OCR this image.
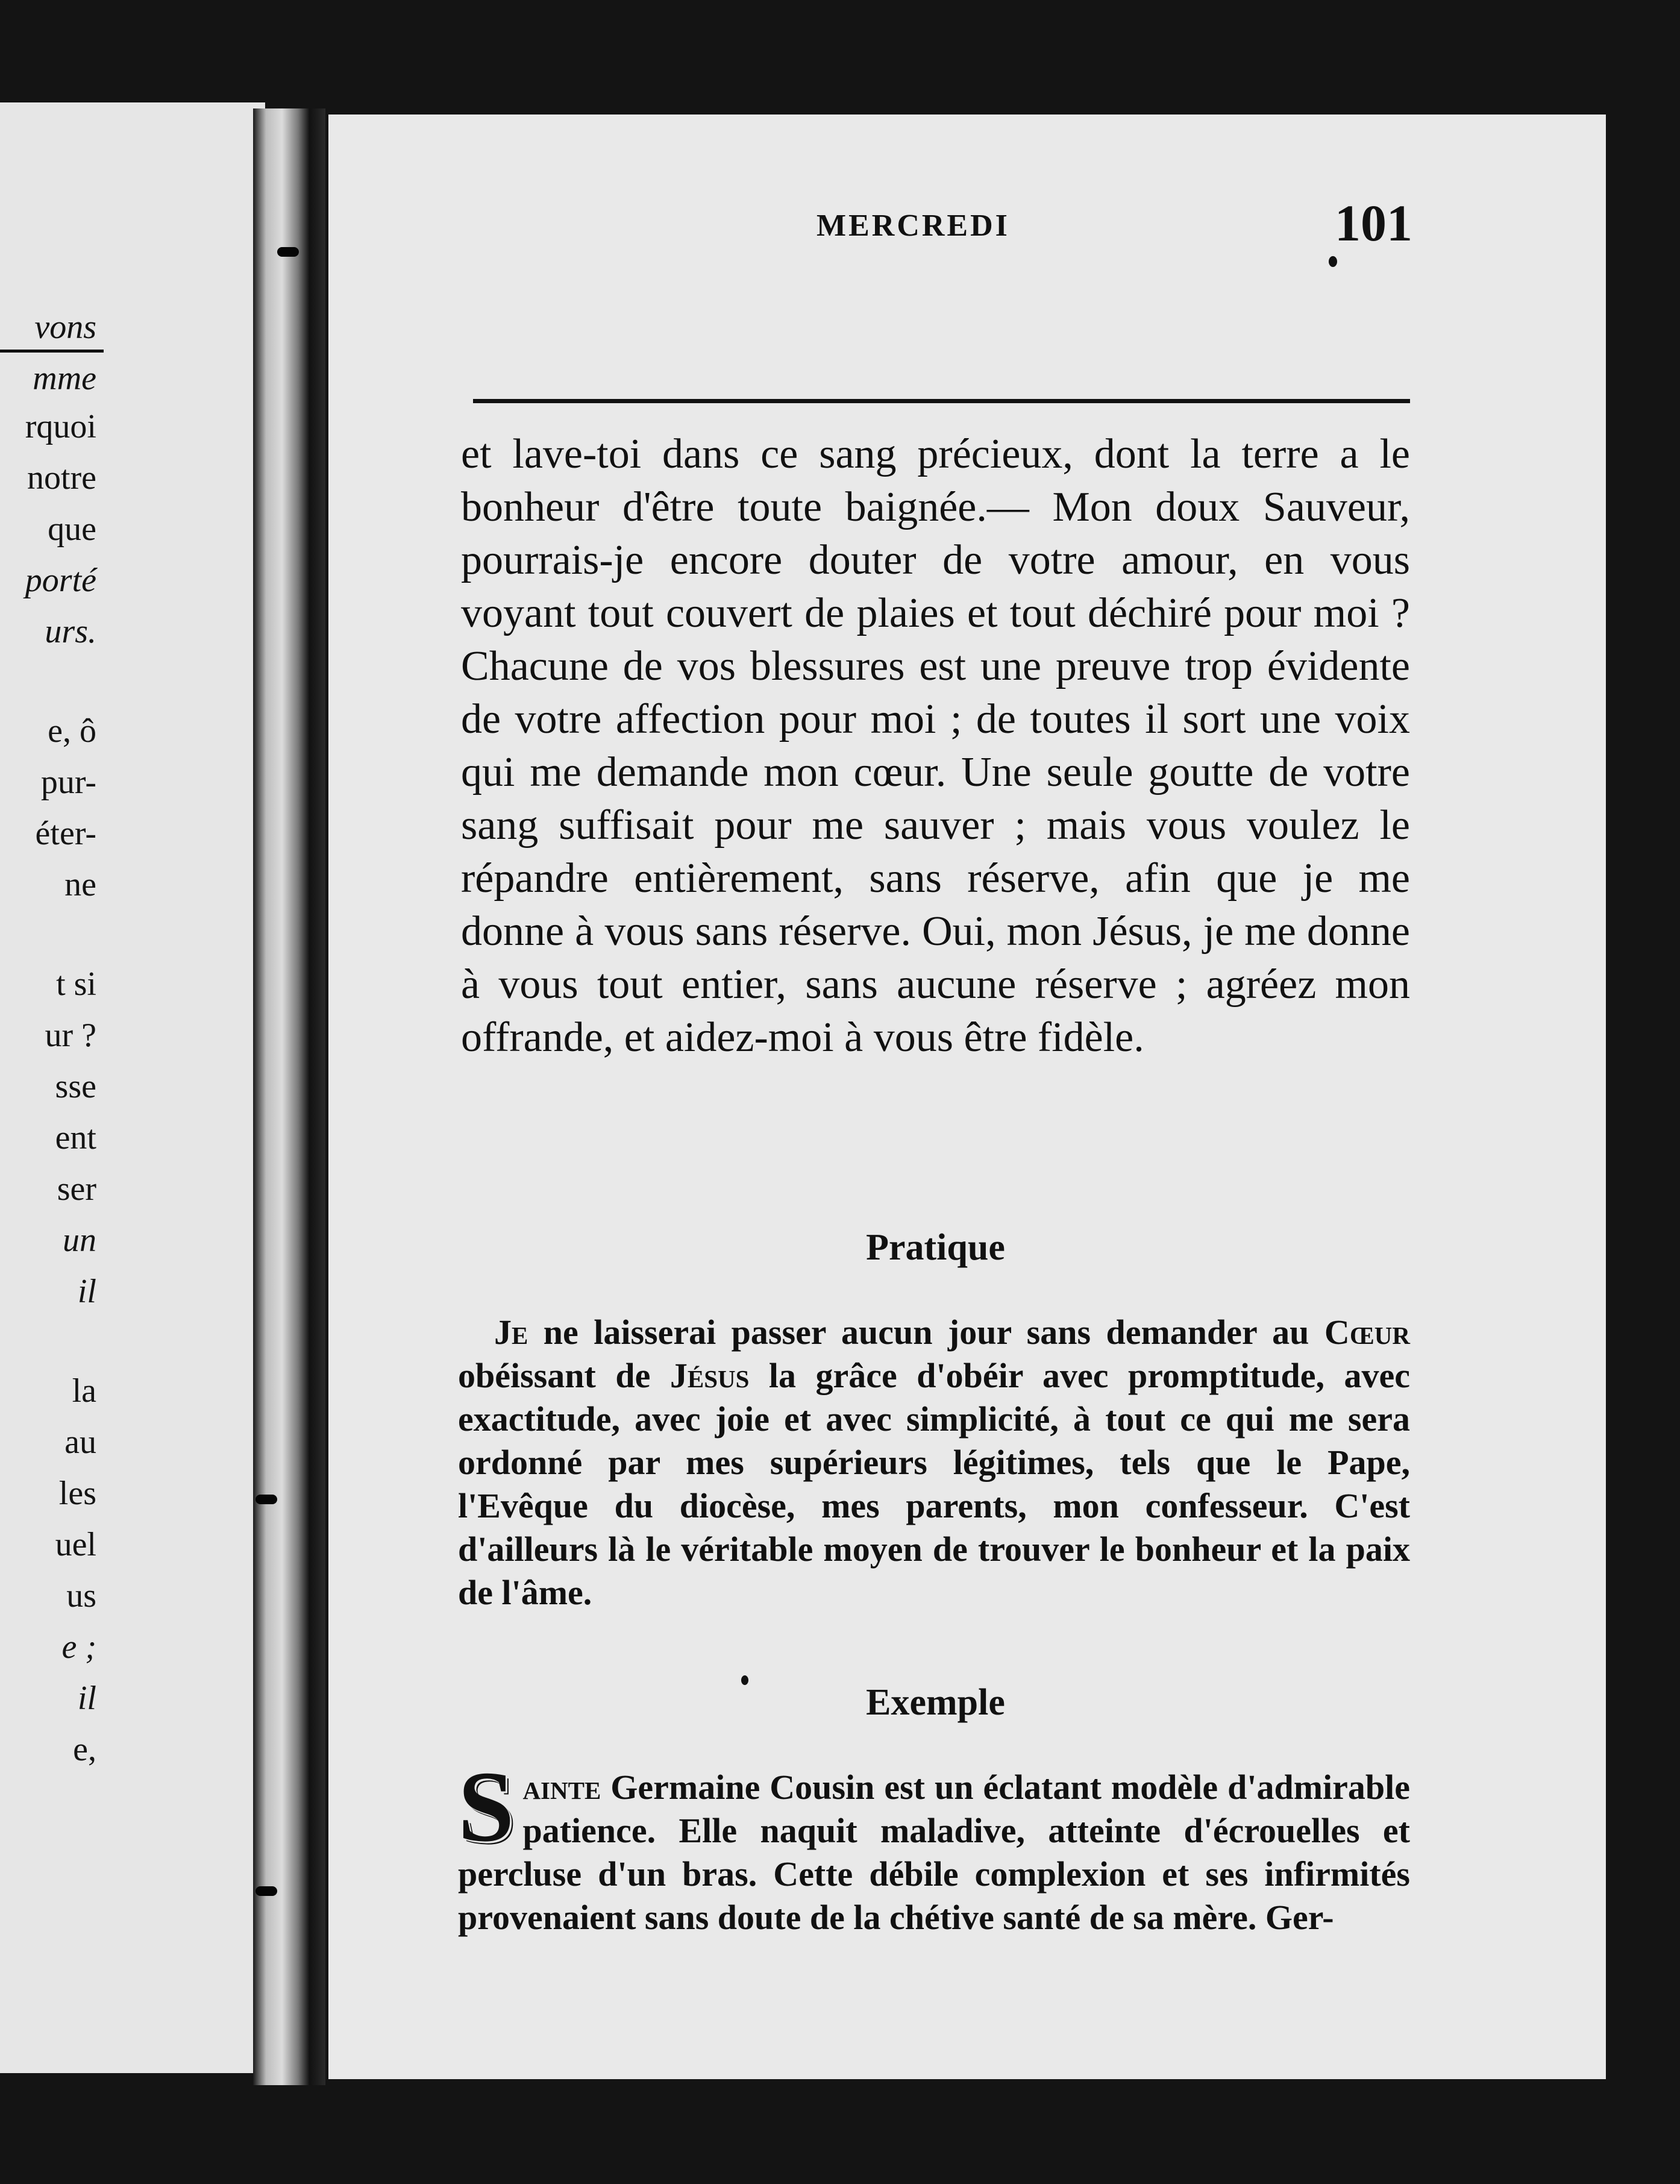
vons

mme

rquoi

notre

que

porté

urs.

e, ô

pur-

éter-

ne

t si

ur ?

sse

ent

ser

un

il

la

au

les

uel

us

e ;

il

e,

MERCREDI	101

et lave-toi dans ce sang précieux, dont la terre a le bonheur d'être toute baignée.— Mon doux Sauveur, pourrais-je encore douter de votre amour, en vous voyant tout couvert de plaies et tout déchiré pour moi ? Chacune de vos blessures est une preuve trop évidente de votre affection pour moi ; de toutes il sort une voix qui me demande mon cœur. Une seule goutte de votre sang suffisait pour me sauver ; mais vous voulez le répandre entièrement, sans réserve, afin que je me donne à vous sans réserve. Oui, mon Jésus, je me donne à vous tout entier, sans aucune réserve ; agréez mon offrande, et aidez-moi à vous être fidèle.

Pratique

Je ne laisserai passer aucun jour sans demander au Cœur obéissant de Jésus la grâce d'obéir avec promptitude, avec exactitude, avec joie et avec simplicité, à tout ce qui me sera ordonné par mes supérieurs légitimes, tels que le Pape, l'Evêque du diocèse, mes parents, mon confesseur. C'est d'ailleurs là le véritable moyen de trouver le bonheur et la paix de l'âme.

Exemple

Sainte Germaine Cousin est un éclatant modèle d'admirable patience. Elle naquit maladive, atteinte d'écrouelles et percluse d'un bras. Cette débile complexion et ses infirmités provenaient sans doute de la chétive santé de sa mère. Ger-
